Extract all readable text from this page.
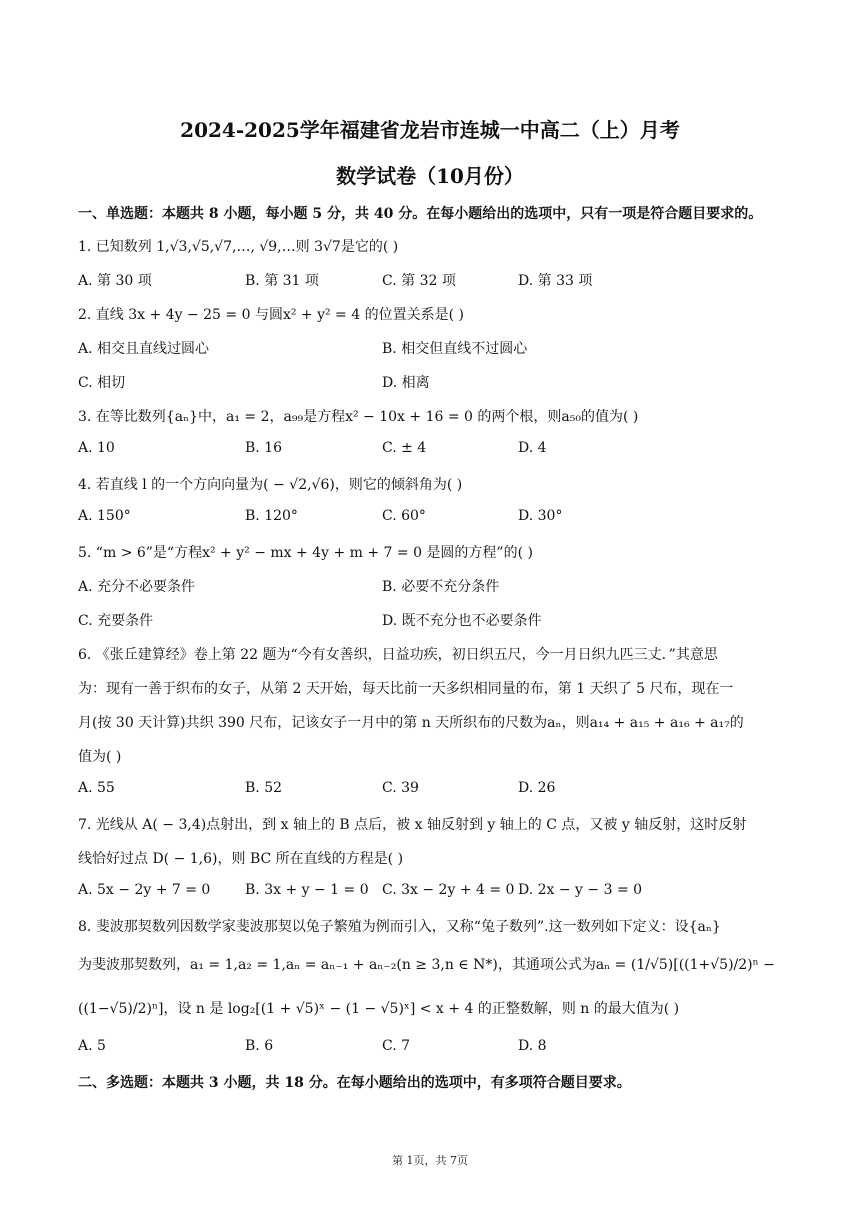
2024-2025学年福建省龙岩市连城一中高二（上）月考
数学试卷（10月份）
一、单选题：本题共 8 小题，每小题 5 分，共 40 分。在每小题给出的选项中，只有一项是符合题目要求的。
1. 已知数列 1,√3,√5,√7,…, √9,…则 3√7是它的( )
A. 第 30 项	B. 第 31 项	C. 第 32 项	D. 第 33 项
2. 直线 3x + 4y − 25 = 0 与圆x² + y² = 4 的位置关系是( )
A. 相交且直线过圆心	B. 相交但直线不过圆心
C. 相切	D. 相离
3. 在等比数列{aₙ}中，a₁ = 2，a₉₉是方程x² − 10x + 16 = 0 的两个根，则a₅₀的值为( )
A. 10	B. 16	C. ± 4	D. 4
4. 若直线 l 的一个方向向量为( − √2,√6)，则它的倾斜角为( )
A. 150°	B. 120°	C. 60°	D. 30°
5. “m > 6”是“方程x² + y² − mx + 4y + m + 7 = 0 是圆的方程”的( )
A. 充分不必要条件	B. 必要不充分条件
C. 充要条件	D. 既不充分也不必要条件
6. 《张丘建算经》卷上第 22 题为“今有女善织，日益功疾，初日织五尺，今一月日织九匹三丈．”其意思
为：现有一善于织布的女子，从第 2 天开始，每天比前一天多织相同量的布，第 1 天织了 5 尺布，现在一
月(按 30 天计算)共织 390 尺布，记该女子一月中的第 n 天所织布的尺数为aₙ，则a₁₄ + a₁₅ + a₁₆ + a₁₇的
值为( )
A. 55	B. 52	C. 39	D. 26
7. 光线从 A( − 3,4)点射出，到 x 轴上的 B 点后，被 x 轴反射到 y 轴上的 C 点，又被 y 轴反射，这时反射
线恰好过点 D( − 1,6)，则 BC 所在直线的方程是( )
A. 5x − 2y + 7 = 0 B. 3x + y − 1 = 0 C. 3x − 2y + 4 = 0 D. 2x − y − 3 = 0
8. 斐波那契数列因数学家斐波那契以兔子繁殖为例而引入，又称“兔子数列”.这一数列如下定义：设{aₙ}
为斐波那契数列，a₁ = 1,a₂ = 1,aₙ = aₙ₋₁ + aₙ₋₂(n ≥ 3,n ∈ N*)，其通项公式为aₙ = (1/√5)[((1+√5)/2)ⁿ −
((1−√5)/2)ⁿ]，设 n 是 log₂[(1 + √5)ˣ − (1 − √5)ˣ] < x + 4 的正整数解，则 n 的最大值为( )
A. 5	B. 6	C. 7	D. 8
二、多选题：本题共 3 小题，共 18 分。在每小题给出的选项中，有多项符合题目要求。
第 1页，共 7页
